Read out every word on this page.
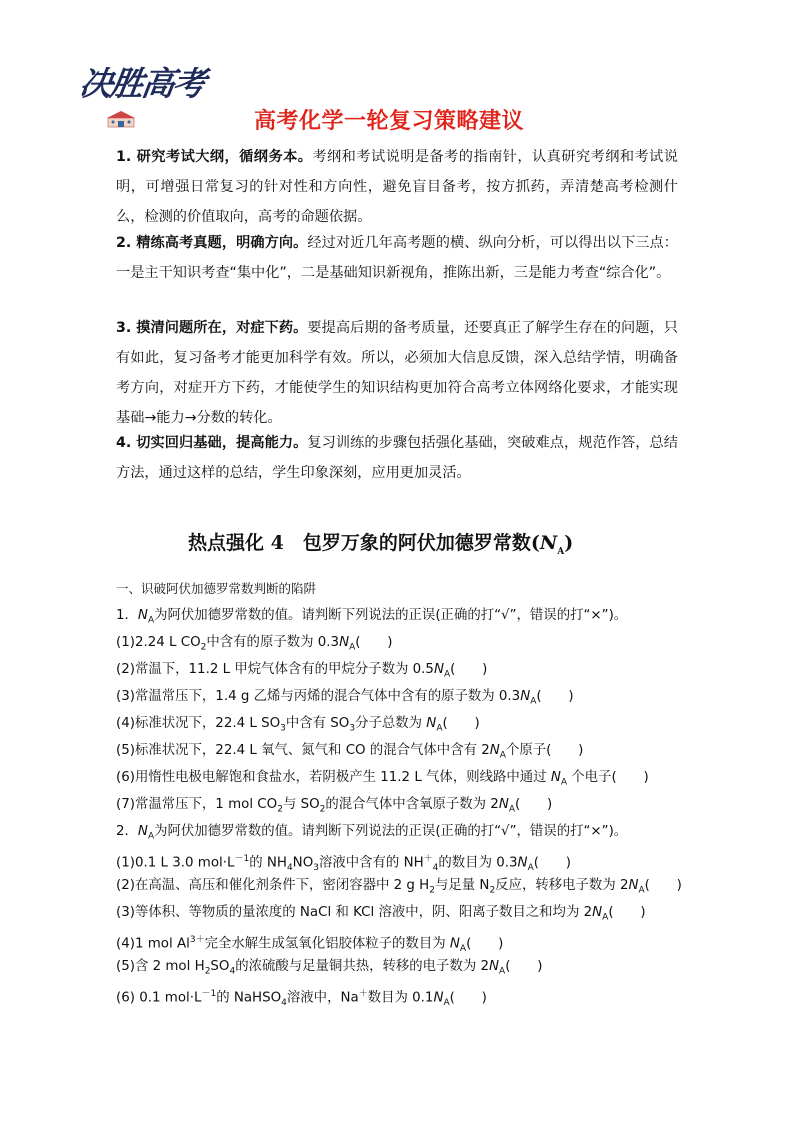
决胜高考
高考化学一轮复习策略建议
1. 研究考试大纲，循纲务本。考纲和考试说明是备考的指南针，认真研究考纲和考试说明，可增强日常复习的针对性和方向性，避免盲目备考，按方抓药，弄清楚高考检测什么，检测的价值取向，高考的命题依据。
2. 精练高考真题，明确方向。经过对近几年高考题的横、纵向分析，可以得出以下三点：一是主干知识考查“集中化”，二是基础知识新视角，推陈出新，三是能力考查“综合化”。
3. 摸清问题所在，对症下药。要提高后期的备考质量，还要真正了解学生存在的问题，只有如此，复习备考才能更加科学有效。所以，必须加大信息反馈，深入总结学情，明确备考方向，对症开方下药，才能使学生的知识结构更加符合高考立体网络化要求，才能实现基础→能力→分数的转化。
4. 切实回归基础，提高能力。复习训练的步骤包括强化基础，突破难点，规范作答，总结方法，通过这样的总结，学生印象深刻，应用更加灵活。
热点强化 4　包罗万象的阿伏加德罗常数$(N_A)$
一、识破阿伏加德罗常数判断的陷阱
1．$N_A$为阿伏加德罗常数的值。请判断下列说法的正误(正确的打“√”，错误的打“×”)。
(1)2.24 L $CO_2$中含有的原子数为 $0.3N_A$(　　)
(2)常温下，11.2 L 甲烷气体含有的甲烷分子数为 $0.5N_A$(　　)
(3)常温常压下，1.4 g 乙烯与丙烯的混合气体中含有的原子数为 $0.3N_A$(　　)
(4)标准状况下，22.4 L $SO_3$中含有 $SO_3$分子总数为 $N_A$(　　)
(5)标准状况下，22.4 L 氧气、氮气和 CO 的混合气体中含有 $2N_A$个原子(　　)
(6)用惰性电极电解饱和食盐水，若阴极产生 11.2 L 气体，则线路中通过 $N_A$ 个电子(　　)
(7)常温常压下，1 mol $CO_2$与 $SO_2$的混合气体中含氧原子数为 $2N_A$(　　)
2．$N_A$为阿伏加德罗常数的值。请判断下列说法的正误(正确的打“√”，错误的打“×”)。
(1)0.1 L 3.0 $mol\cdot L^{-1}$的 $NH_4NO_3$溶液中含有的 $NH^+_4$的数目为 $0.3N_A$(　　)
(2)在高温、高压和催化剂条件下，密闭容器中 2 g $H_2$与足量 $N_2$反应，转移电子数为 $2N_A$(　　)
(3)等体积、等物质的量浓度的 NaCl 和 KCl 溶液中，阴、阳离子数目之和均为 $2N_A$(　　)
(4)1 mol $Al^{3+}$完全水解生成氢氧化铝胶体粒子的数目为 $N_A$(　　)
(5)含 2 mol $H_2SO_4$的浓硫酸与足量铜共热，转移的电子数为 $2N_A$(　　)
(6) 0.1 $mol\cdot L^{-1}$的 NaHSO$_4$溶液中，Na＋数目为 $0.1N_A$(　　)
